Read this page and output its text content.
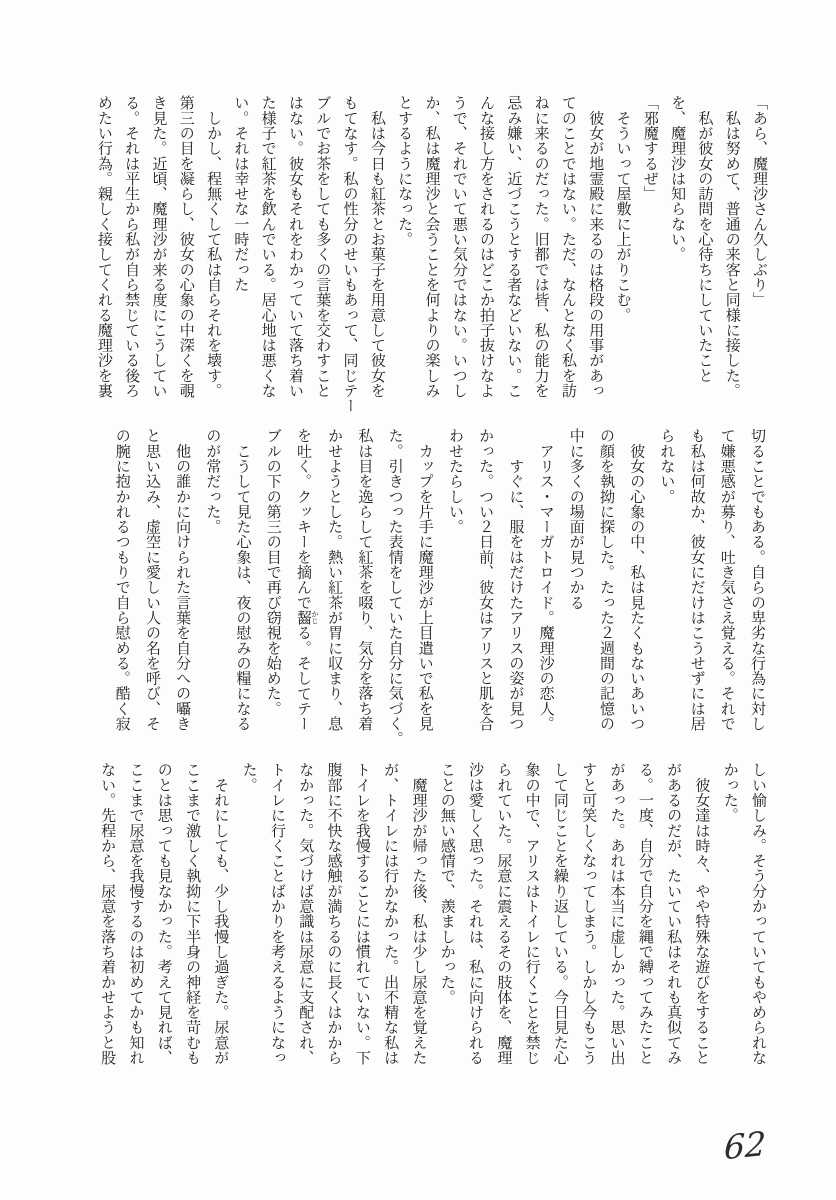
「あら、魔理沙さん久しぶり」

　私は努めて、普通の来客と同様に接した。

　私が彼女の訪問を心待ちにしていたこと

を、魔理沙は知らない。

「邪魔するぜ」

　そういって屋敷に上がりこむ。

　彼女が地霊殿に来るのは格段の用事があっ

てのことではない。ただ、なんとなく私を訪

ねに来るのだった。旧都では皆、私の能力を

忌み嫌い、近づこうとする者などいない。こ

んな接し方をされるのはどこか拍子抜けなよ

うで、それでいて悪い気分ではない。いつし

か、私は魔理沙と会うことを何よりの楽しみ

とするようになった。

　私は今日も紅茶とお菓子を用意して彼女を

もてなす。私の性分のせいもあって、同じテー

ブルでお茶をしても多くの言葉を交わすこと

はない。彼女もそれをわかっていて落ち着い

た様子で紅茶を飲んでいる。居心地は悪くな

い。それは幸せな一時だった

　しかし、程無くして私は自らそれを壊す。

第三の目を凝らし、彼女の心象の中深くを覗

き見た。近頃、魔理沙が来る度にこうしてい

る。それは平生から私が自ら禁じている後ろ

めたい行為。親しく接してくれる魔理沙を裏

切ることでもある。自らの卑劣な行為に対し

て嫌悪感が募り、吐き気さえ覚える。それで

も私は何故か、彼女にだけはこうせずには居

られない。

　彼女の心象の中、私は見たくもないあいつ

の顔を執拗に探した。たった２週間の記憶の

中に多くの場面が見つかる

　アリス・マーガトロイド。魔理沙の恋人。

　　すぐに、服をはだけたアリスの姿が見つ

かった。つい２日前、彼女はアリスと肌を合

わせたらしい。

　カップを片手に魔理沙が上目遣いで私を見

た。引きつった表情をしていた自分に気づく。

私は目を逸らして紅茶を啜り、気分を落ち着

かせようとした。熱い紅茶が胃に収まり、息

を吐く。クッキーを摘んで齧 かじる。そしてテー

ブルの下の第三の目で再び窃視を始めた。

　こうして見た心象は、夜の慰みの糧になる

のが常だった。

　他の誰かに向けられた言葉を自分への囁き

と思い込み、虚空に愛しい人の名を呼び、そ

の腕に抱かれるつもりで自ら慰める。酷く寂

しい愉しみ。そう分かっていてもやめられな

かった。

　彼女達は時々、やや特殊な遊びをすること

があるのだが、たいてい私はそれも真似てみ

る。一度、自分で自分を縄で縛ってみたこと

があった。あれは本当に虚しかった。思い出

すと可笑しくなってしまう。しかし今もこう

して同じことを繰り返している。今日見た心

象の中で、アリスはトイレに行くことを禁じ

られていた。尿意に震えるその肢体を、魔理

沙は愛しく思った。それは、私に向けられる

ことの無い感情で、羨ましかった。

　魔理沙が帰った後、私は少し尿意を覚えた

が、トイレには行かなかった。出不精な私は

トイレを我慢することには慣れていない。下

腹部に不快な感触が満ちるのに長くはかから

なかった。気づけば意識は尿意に支配され、

トイレに行くことばかりを考えるようになっ

た。

　それにしても、少し我慢し過ぎた。尿意が

ここまで激しく執拗に下半身の神経を苛むも

のとは思っても見なかった。考えて見れば、

ここまで尿意を我慢するのは初めてかも知れ

ない。先程から、尿意を落ち着かせようと股

62
